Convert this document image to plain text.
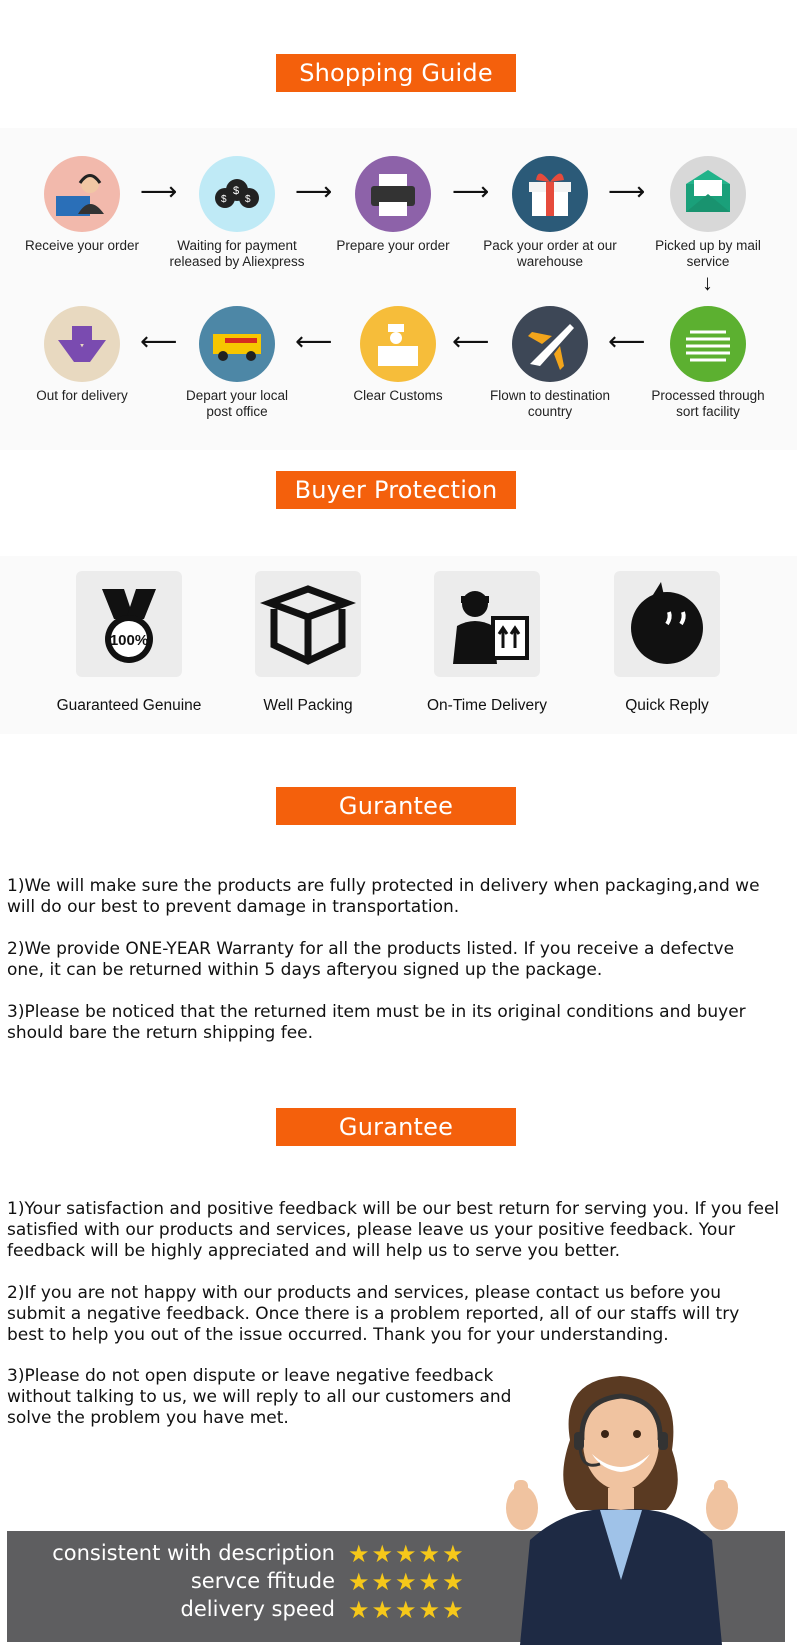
Shopping Guide
Receive your order
⟶	$
$
$
Waiting for payment
released by Aliexpress
⟶
Prepare your order
⟶
Pack your order at our
warehouse
⟶
Picked up by mail
service
↓
Processed through
sort facility
⟵
Flown to destination
country
⟵
Clear Customs
⟵
Depart your local
post office
⟵
Out for delivery
Buyer Protection
100%
Guaranteed Genuine	Well Packing	On-Time Delivery	Quick Reply
Gurantee
1)We will make sure the products are fully protected in delivery when packaging,and we will do our best to prevent damage in transportation.
2)We provide ONE-YEAR Warranty for all the products listed. If you receive a defectve one, it can be returned within 5 days afteryou signed up the package.
3)Please be noticed that the returned item must be in its original conditions and buyer should bare the return shipping fee.
Gurantee
1)Your satisfaction and positive feedback will be our best return for serving you. If you feel satisfied with our products and services, please leave us your positive feedback. Your feedback will be highly appreciated and will help us to serve you better.
2)If you are not happy with our products and services, please contact us before you submit a negative feedback. Once there is a problem reported, all of our staffs will try best to help you out of the issue occurred. Thank you for your understanding.
3)Please do not open dispute or leave negative feedback without talking to us, we will reply to all our customers and solve the problem you have met.
consistent with description ★★★★★
servce ffitude ★★★★★
delivery speed ★★★★★
